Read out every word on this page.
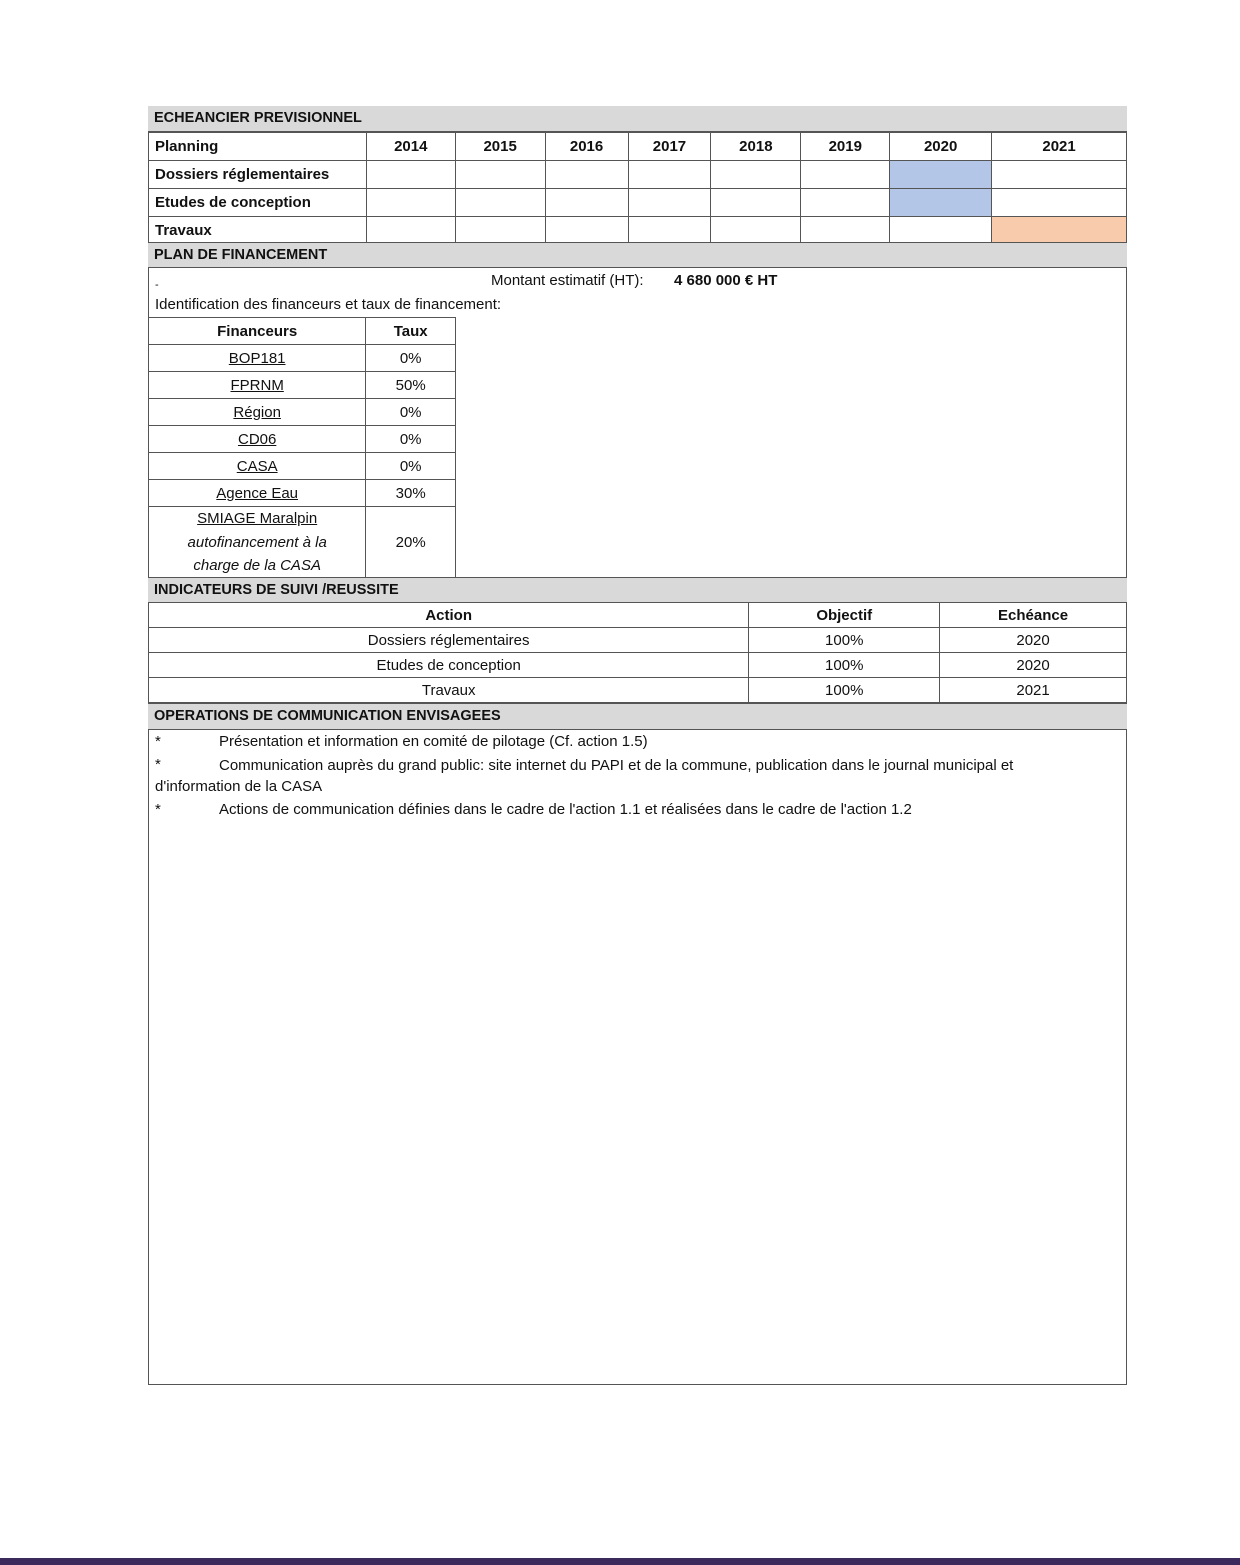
ECHEANCIER PREVISIONNEL
Planning	2014	2015	2016	2017	2018	2019	2020	2021
Dossiers réglementaires								
Etudes de conception								
Travaux								
PLAN DE FINANCEMENT
-	Montant estimatif (HT): 4 680 000 € HT
Identification des financeurs et taux de financement:
Financeurs	Taux
BOP181	0%
FPRNM	50%
Région	0%
CD06	0%
CASA	0%
Agence Eau	30%
SMIAGE Maralpin
autofinancement à la
charge de la CASA	20%
INDICATEURS DE SUIVI /REUSSITE
Action	Objectif	Echéance
Dossiers réglementaires	100%	2020
Etudes de conception	100%	2020
Travaux	100%	2021
OPERATIONS DE COMMUNICATION ENVISAGEES
*	Présentation et information en comité de pilotage (Cf. action 1.5)
*	Communication auprès du grand public: site internet du PAPI et de la commune, publication dans le journal municipal et
d'information de la CASA
*	Actions de communication définies dans le cadre de l'action 1.1 et réalisées dans le cadre de l'action 1.2
